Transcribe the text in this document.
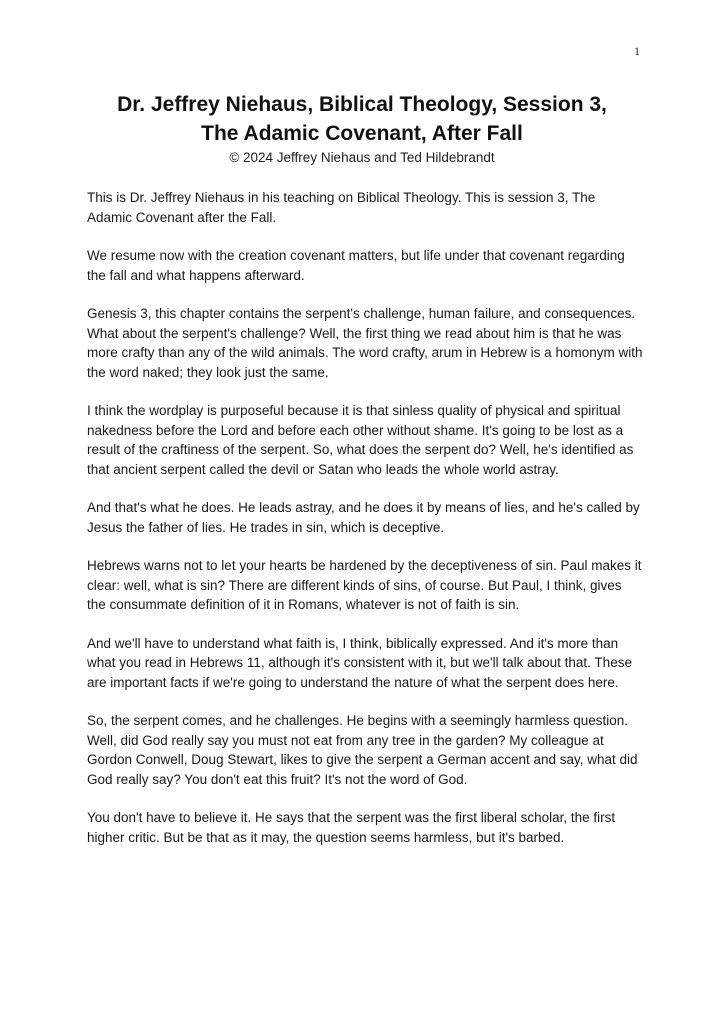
1
Dr. Jeffrey Niehaus, Biblical Theology, Session 3,
The Adamic Covenant, After Fall

© 2024 Jeffrey Niehaus and Ted Hildebrandt

This is Dr. Jeffrey Niehaus in his teaching on Biblical Theology. This is session 3, The Adamic Covenant after the Fall.

We resume now with the creation covenant matters, but life under that covenant regarding the fall and what happens afterward.

Genesis 3, this chapter contains the serpent's challenge, human failure, and consequences. What about the serpent's challenge? Well, the first thing we read about him is that he was more crafty than any of the wild animals. The word crafty, arum in Hebrew is a homonym with the word naked; they look just the same.

I think the wordplay is purposeful because it is that sinless quality of physical and spiritual nakedness before the Lord and before each other without shame. It's going to be lost as a result of the craftiness of the serpent. So, what does the serpent do? Well, he's identified as that ancient serpent called the devil or Satan who leads the whole world astray.

And that's what he does. He leads astray, and he does it by means of lies, and he's called by Jesus the father of lies. He trades in sin, which is deceptive.

Hebrews warns not to let your hearts be hardened by the deceptiveness of sin. Paul makes it clear: well, what is sin? There are different kinds of sins, of course. But Paul, I think, gives the consummate definition of it in Romans, whatever is not of faith is sin.

And we'll have to understand what faith is, I think, biblically expressed. And it's more than what you read in Hebrews 11, although it's consistent with it, but we'll talk about that. These are important facts if we're going to understand the nature of what the serpent does here.

So, the serpent comes, and he challenges. He begins with a seemingly harmless question. Well, did God really say you must not eat from any tree in the garden? My colleague at Gordon Conwell, Doug Stewart, likes to give the serpent a German accent and say, what did God really say? You don't eat this fruit? It's not the word of God.

You don't have to believe it. He says that the serpent was the first liberal scholar, the first higher critic. But be that as it may, the question seems harmless, but it's barbed.
